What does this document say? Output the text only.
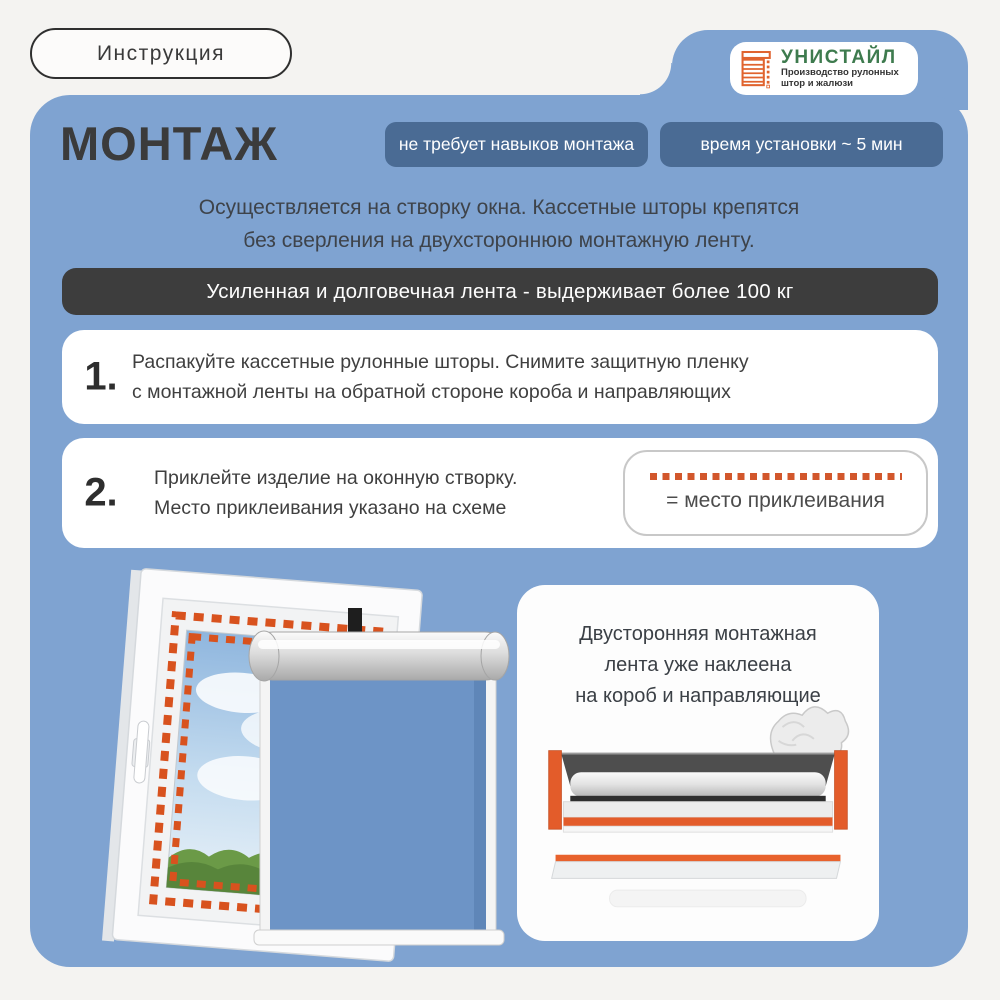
Инструкция	УНИСТАЙЛ
Производство рулонных
штор и жалюзи
МОНТАЖ	не требует навыков монтажа	время установки ~ 5 мин
Осуществляется на створку окна. Кассетные шторы крепятся
без сверления на двухстороннюю монтажную ленту.
Усиленная и долговечная лента - выдерживает более 100 кг
1. Распакуйте кассетные рулонные шторы. Снимите защитную пленку
с монтажной ленты на обратной стороне короба и направляющих
2.	Приклейте изделие на оконную створку.
Место приклеивания указано на схеме	= место приклеивания
Двусторонняя монтажная
лента уже наклеена
на короб и направляющие
